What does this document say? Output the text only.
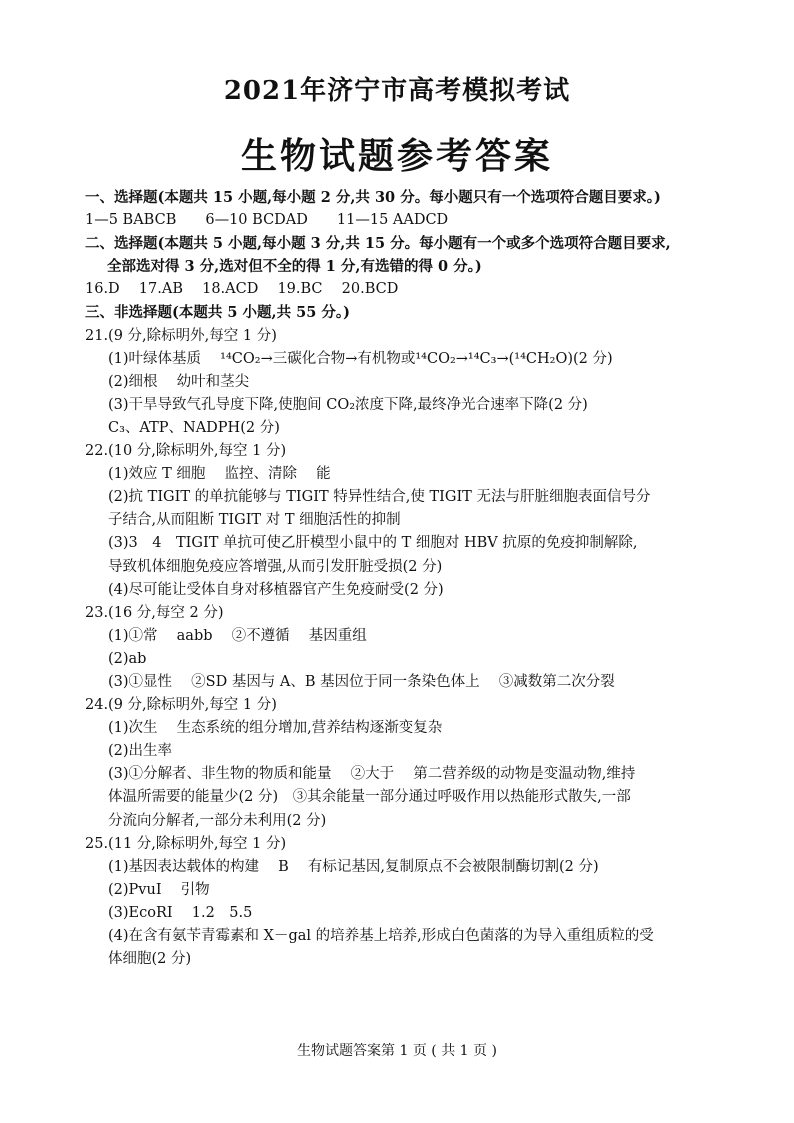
2021年济宁市高考模拟考试
生物试题参考答案
一、选择题(本题共 15 小题,每小题 2 分,共 30 分。每小题只有一个选项符合题目要求。)
1—5 BABCB　　6—10 BCDAD　　11—15 AADCD
二、选择题(本题共 5 小题,每小题 3 分,共 15 分。每小题有一个或多个选项符合题目要求,
全部选对得 3 分,选对但不全的得 1 分,有选错的得 0 分。)
16.D　 17.AB　 18.ACD　 19.BC　 20.BCD
三、非选择题(本题共 5 小题,共 55 分。)
21.(9 分,除标明外,每空 1 分)
(1)叶绿体基质　 ¹⁴CO₂→三碳化合物→有机物或¹⁴CO₂→¹⁴C₃→(¹⁴CH₂O)(2 分)
(2)细根　 幼叶和茎尖
(3)干旱导致气孔导度下降,使胞间 CO₂浓度下降,最终净光合速率下降(2 分)
C₃、ATP、NADPH(2 分)
22.(10 分,除标明外,每空 1 分)
(1)效应 T 细胞　 监控、清除　 能
(2)抗 TIGIT 的单抗能够与 TIGIT 特异性结合,使 TIGIT 无法与肝脏细胞表面信号分
子结合,从而阻断 TIGIT 对 T 细胞活性的抑制
(3)3　4　TIGIT 单抗可使乙肝模型小鼠中的 T 细胞对 HBV 抗原的免疫抑制解除,
导致机体细胞免疫应答增强,从而引发肝脏受损(2 分)
(4)尽可能让受体自身对移植器官产生免疫耐受(2 分)
23.(16 分,每空 2 分)
(1)①常　 aabb　 ②不遵循　 基因重组
(2)ab
(3)①显性　 ②SD 基因与 A、B 基因位于同一条染色体上　 ③减数第二次分裂
24.(9 分,除标明外,每空 1 分)
(1)次生　 生态系统的组分增加,营养结构逐渐变复杂
(2)出生率
(3)①分解者、非生物的物质和能量　 ②大于　 第二营养级的动物是变温动物,维持
体温所需要的能量少(2 分)　③其余能量一部分通过呼吸作用以热能形式散失,一部
分流向分解者,一部分未利用(2 分)
25.(11 分,除标明外,每空 1 分)
(1)基因表达载体的构建　 B　 有标记基因,复制原点不会被限制酶切割(2 分)
(2)PvuⅠ　 引物
(3)EcoRⅠ　 1.2　5.5
(4)在含有氨苄青霉素和 X－gal 的培养基上培养,形成白色菌落的为导入重组质粒的受
体细胞(2 分)
生物试题答案第 1 页 ( 共 1 页 )
